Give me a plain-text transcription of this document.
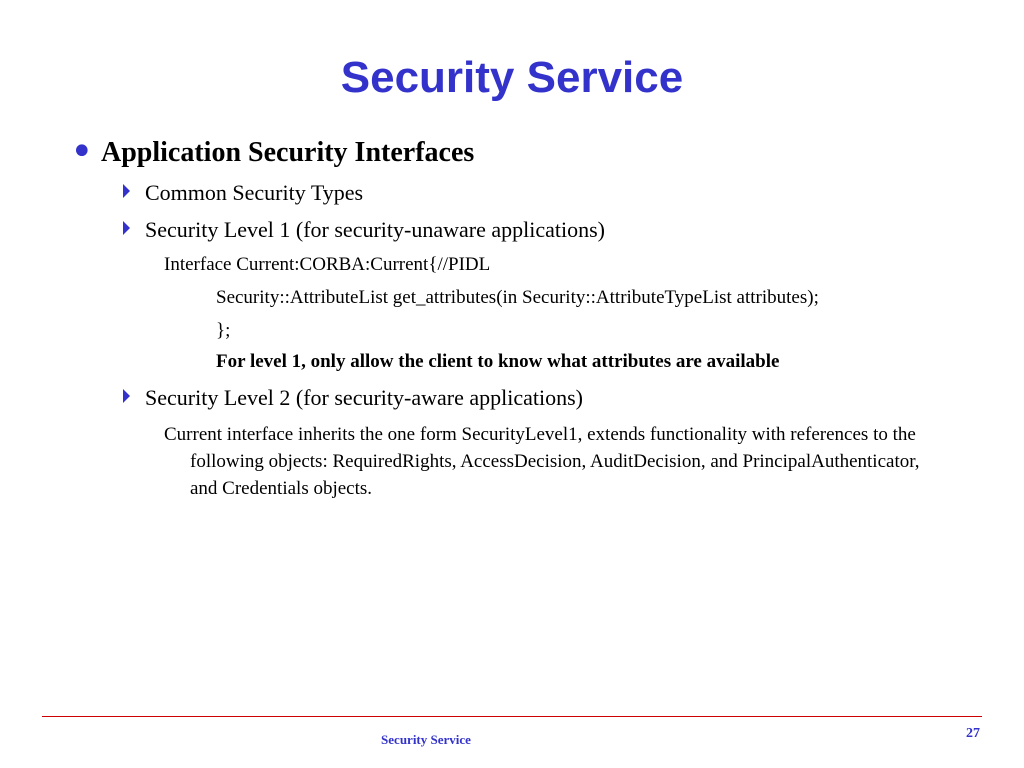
Security Service
• Application Security Interfaces
Common Security Types
Security Level 1 (for security-unaware applications)
Interface Current:CORBA:Current{//PIDL
Security::AttributeList get_attributes(in Security::AttributeTypeList attributes);
};
For level 1, only allow the client to know what attributes are available
Security Level 2 (for security-aware applications)

Current interface inherits the one form SecurityLevel1, extends functionality with references to the following objects: RequiredRights, AccessDecision, AuditDecision, and PrincipalAuthenticator, and Credentials objects.

Security Service	27
